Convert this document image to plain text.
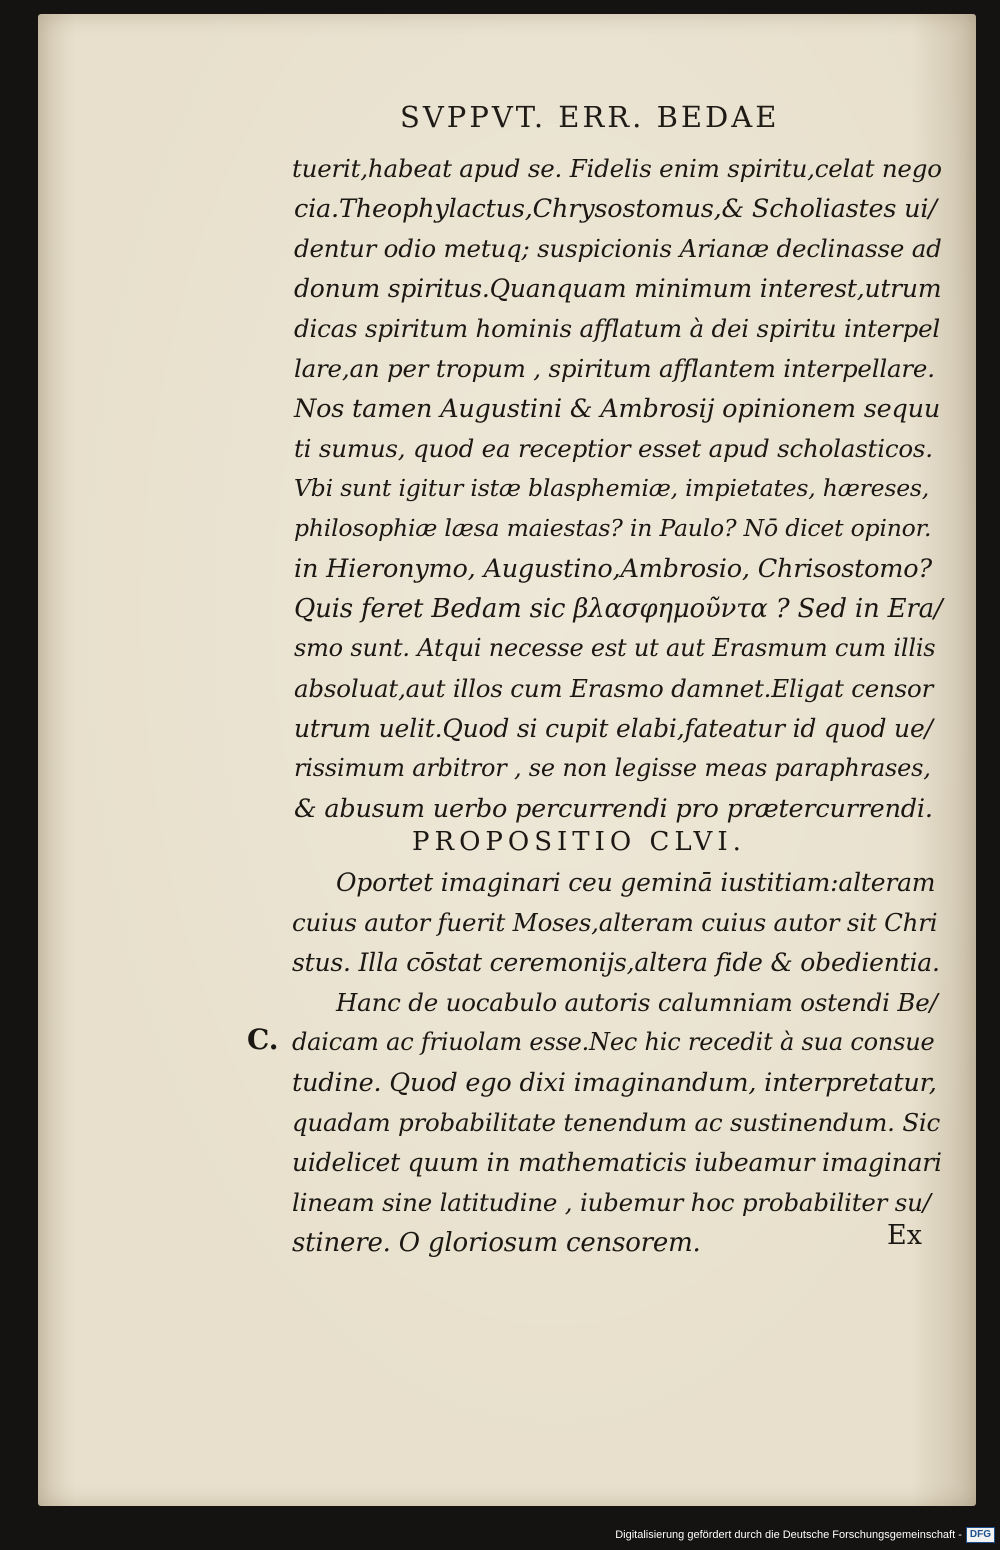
SVPPVT. ERR. BEDAE

tuerit,habeat apud se. Fidelis enim spiritu,celat nego

cia.Theophylactus,Chrysostomus,& Scholiastes ui/

dentur odio metuq; suspicionis Arianæ declinasse ad

donum spiritus.Quanquam minimum interest,utrum

dicas spiritum hominis afflatum à dei spiritu interpel

lare,an per tropum , spiritum afflantem interpellare.

Nos tamen Augustini & Ambrosij opinionem sequu

ti sumus, quod ea receptior esset apud scholasticos.

Vbi sunt igitur istæ blasphemiæ, impietates, hæreses,

philosophiæ læsa maiestas? in Paulo? Nō dicet opinor.

in Hieronymo, Augustino,Ambrosio, Chrisostomo?

Quis feret Bedam sic βλασφημοῦντα ? Sed in Era/

smo sunt. Atqui necesse est ut aut Erasmum cum illis

absoluat,aut illos cum Erasmo damnet.Eligat censor

utrum uelit.Quod si cupit elabi,fateatur id quod ue/

rissimum arbitror , se non legisse meas paraphrases,

& abusum uerbo percurrendi pro prætercurrendi.

PROPOSITIO CLVI.

Oportet imaginari ceu geminā iustitiam:alteram

cuius autor fuerit Moses,alteram cuius autor sit Chri

stus. Illa cōstat ceremonijs,altera fide & obedientia.

Hanc de uocabulo autoris calumniam ostendi Be/

daicam ac friuolam esse.Nec hic recedit à sua consue

tudine. Quod ego dixi imaginandum, interpretatur,

quadam probabilitate tenendum ac sustinendum. Sic

uidelicet quum in mathematicis iubeamur imaginari

lineam sine latitudine , iubemur hoc probabiliter su/

stinere. O gloriosum censorem.

C.
Ex
Digitalisierung gefördert durch die Deutsche Forschungsgemeinschaft - DFG
